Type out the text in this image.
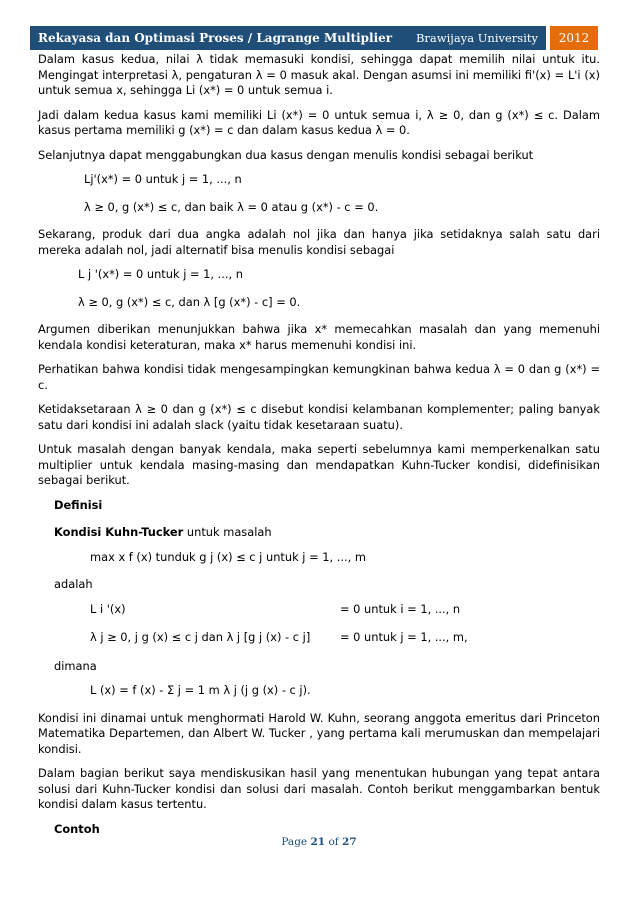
Rekayasa dan Optimasi Proses / Lagrange Multiplier Brawijaya University	2012

Dalam kasus kedua, nilai λ tidak memasuki kondisi, sehingga dapat memilih nilai untuk itu. Mengingat interpretasi λ, pengaturan λ = 0 masuk akal. Dengan asumsi ini memiliki fi'(x) = L'i (x) untuk semua x, sehingga Li (x*) = 0 untuk semua i.

Jadi dalam kedua kasus kami memiliki Li (x*) = 0 untuk semua i, λ ≥ 0, dan g (x*) ≤ c. Dalam kasus pertama memiliki g (x*) = c dan dalam kasus kedua λ = 0.

Selanjutnya dapat menggabungkan dua kasus dengan menulis kondisi sebagai berikut

Lj'(x*) = 0 untuk j = 1, ..., n

λ ≥ 0, g (x*) ≤ c, dan baik λ = 0 atau g (x*) - c = 0.

Sekarang, produk dari dua angka adalah nol jika dan hanya jika setidaknya salah satu dari mereka adalah nol, jadi alternatif bisa menulis kondisi sebagai

L j '(x*) = 0 untuk j = 1, ..., n

λ ≥ 0, g (x*) ≤ c, dan λ [g (x*) - c] = 0.

Argumen diberikan menunjukkan bahwa jika x* memecahkan masalah dan yang memenuhi kendala kondisi keteraturan, maka x* harus memenuhi kondisi ini.

Perhatikan bahwa kondisi tidak mengesampingkan kemungkinan bahwa kedua λ = 0 dan g (x*) = c.

Ketidaksetaraan λ ≥ 0 dan g (x*) ≤ c disebut kondisi kelambanan komplementer; paling banyak satu dari kondisi ini adalah slack (yaitu tidak kesetaraan suatu).

Untuk masalah dengan banyak kendala, maka seperti sebelumnya kami memperkenalkan satu multiplier untuk kendala masing-masing dan mendapatkan Kuhn-Tucker kondisi, didefinisikan sebagai berikut.

Definisi

Kondisi Kuhn-Tucker untuk masalah

max x f (x) tunduk g j (x) ≤ c j untuk j = 1, ..., m

adalah

L i '(x)	= 0 untuk i = 1, ..., n
λ j ≥ 0, j g (x) ≤ c j dan λ j [g j (x) - c j]	= 0 untuk j = 1, ..., m,

dimana

L (x) = f (x) - Σ j = 1 m λ j (j g (x) - c j).

Kondisi ini dinamai untuk menghormati Harold W. Kuhn, seorang anggota emeritus dari Princeton Matematika Departemen, dan Albert W. Tucker , yang pertama kali merumuskan dan mempelajari kondisi.

Dalam bagian berikut saya mendiskusikan hasil yang menentukan hubungan yang tepat antara solusi dari Kuhn-Tucker kondisi dan solusi dari masalah. Contoh berikut menggambarkan bentuk kondisi dalam kasus tertentu.

Contoh
Page 21 of 27
